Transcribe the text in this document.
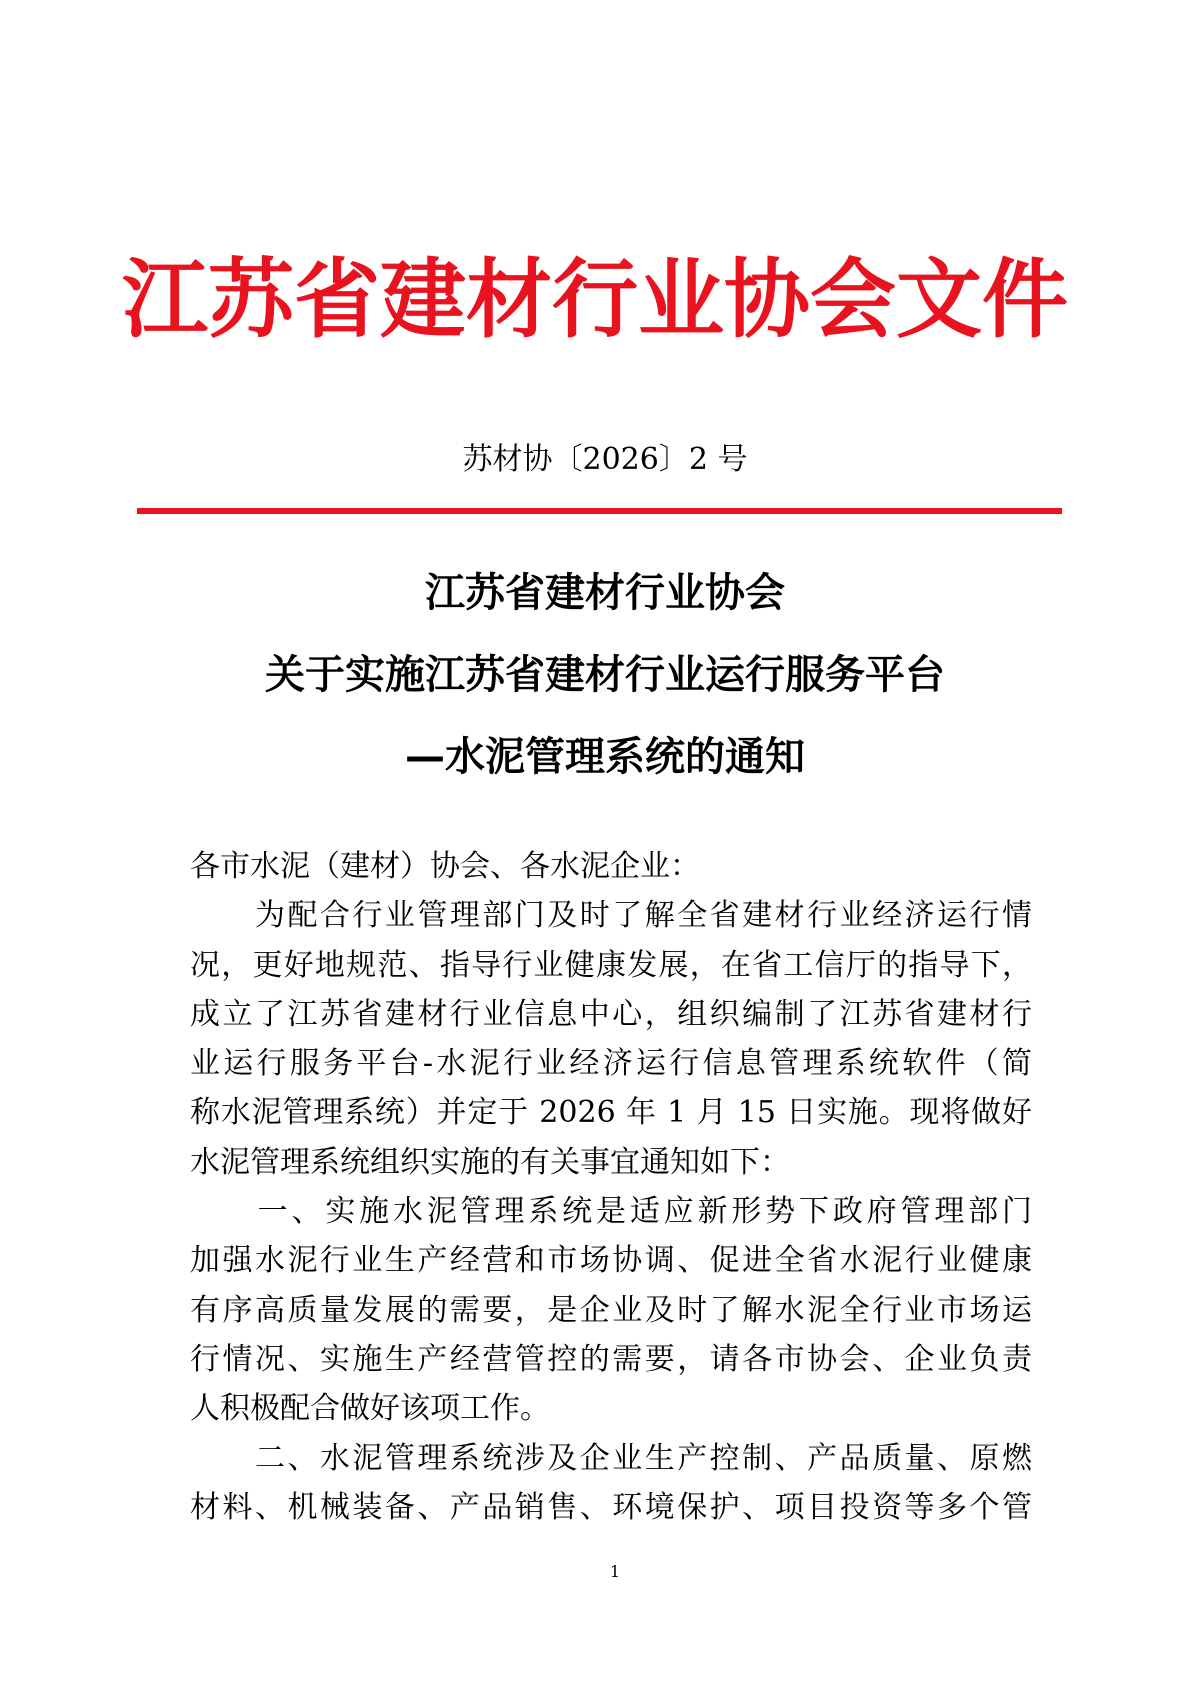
江苏省建材行业协会文件
苏材协〔2026〕2 号
江苏省建材行业协会
关于实施江苏省建材行业运行服务平台
—水泥管理系统的通知

各市水泥（建材）协会、各水泥企业：

　　为配合行业管理部门及时了解全省建材行业经济运行情

况，更好地规范、指导行业健康发展，在省工信厅的指导下，

成立了江苏省建材行业信息中心，组织编制了江苏省建材行

业运行服务平台-水泥行业经济运行信息管理系统软件（简

称水泥管理系统）并定于 2026 年 1 月 15 日实施。现将做好

水泥管理系统组织实施的有关事宜通知如下：

　　一、实施水泥管理系统是适应新形势下政府管理部门

加强水泥行业生产经营和市场协调、促进全省水泥行业健康

有序高质量发展的需要，是企业及时了解水泥全行业市场运

行情况、实施生产经营管控的需要，请各市协会、企业负责

人积极配合做好该项工作。

　　二、水泥管理系统涉及企业生产控制、产品质量、原燃

材料、机械装备、产品销售、环境保护、项目投资等多个管

1
